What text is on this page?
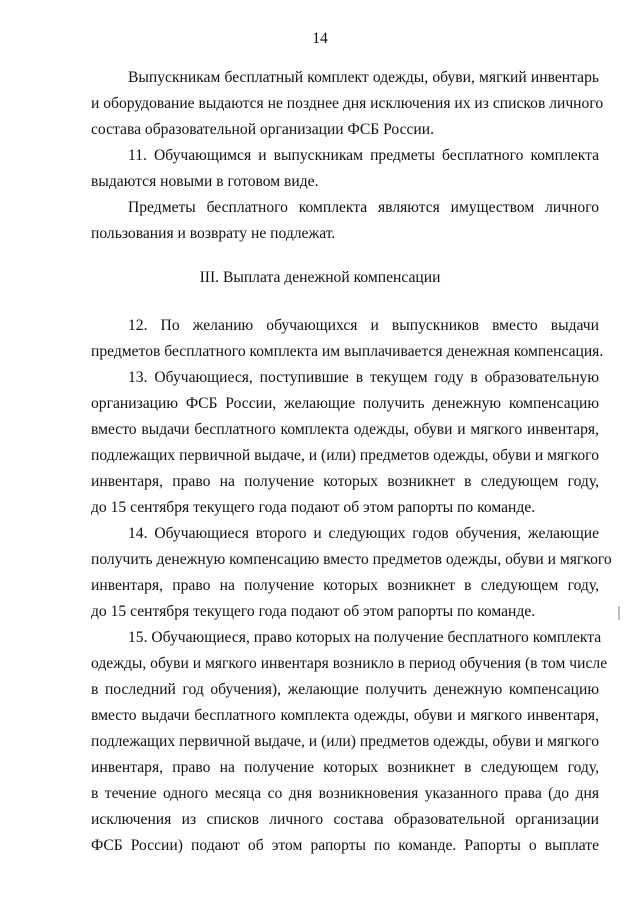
14
Выпускникам бесплатный комплект одежды, обуви, мягкий инвентарь
и оборудование выдаются не позднее дня исключения их из списков личного
состава образовательной организации ФСБ России.
11. Обучающимся и выпускникам предметы бесплатного комплекта
выдаются новыми в готовом виде.
Предметы бесплатного комплекта являются имуществом личного
пользования и возврату не подлежат.
III. Выплата денежной компенсации
12. По желанию обучающихся и выпускников вместо выдачи
предметов бесплатного комплекта им выплачивается денежная компенсация.
13. Обучающиеся, поступившие в текущем году в образовательную
организацию ФСБ России, желающие получить денежную компенсацию
вместо выдачи бесплатного комплекта одежды, обуви и мягкого инвентаря,
подлежащих первичной выдаче, и (или) предметов одежды, обуви и мягкого
инвентаря, право на получение которых возникнет в следующем году,
до 15 сентября текущего года подают об этом рапорты по команде.
14. Обучающиеся второго и следующих годов обучения, желающие
получить денежную компенсацию вместо предметов одежды, обуви и мягкого
инвентаря, право на получение которых возникнет в следующем году,
до 15 сентября текущего года подают об этом рапорты по команде.
15. Обучающиеся, право которых на получение бесплатного комплекта
одежды, обуви и мягкого инвентаря возникло в период обучения (в том числе
в последний год обучения), желающие получить денежную компенсацию
вместо выдачи бесплатного комплекта одежды, обуви и мягкого инвентаря,
подлежащих первичной выдаче, и (или) предметов одежды, обуви и мягкого
инвентаря, право на получение которых возникнет в следующем году,
в течение одного месяца со дня возникновения указанного права (до дня
исключения из списков личного состава образовательной организации
ФСБ России) подают об этом рапорты по команде. Рапорты о выплате
